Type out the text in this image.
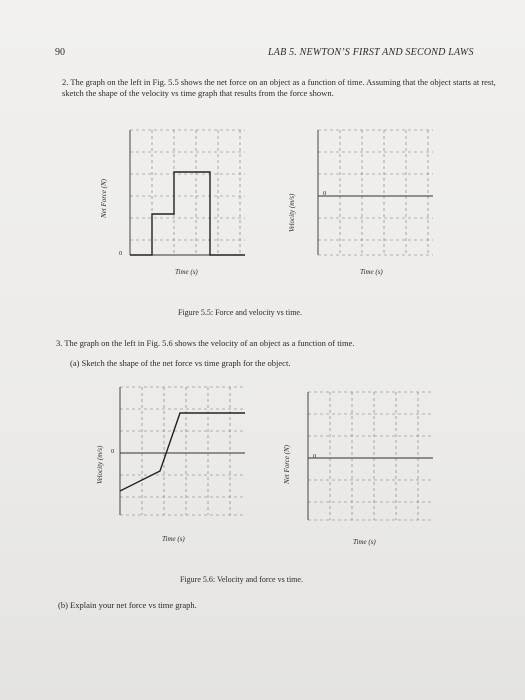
90	LAB 5. NEWTON’S FIRST AND SECOND LAWS
2. The graph on the left in Fig. 5.5 shows the net force on an object as a function of time. Assuming that the object starts at rest, sketch the shape of the velocity vs time graph that results from the force shown.
Net Force (N)
0
Time (s)
Velocity (m/s)
0
Time (s)
Figure 5.5: Force and velocity vs time.
3. The graph on the left in Fig. 5.6 shows the velocity of an object as a function of time.
(a) Sketch the shape of the net force vs time graph for the object.
Velocity (m/s) 0
Time (s)
Net Force (N)	0
Time (s)
Figure 5.6: Velocity and force vs time.
(b) Explain your net force vs time graph.
